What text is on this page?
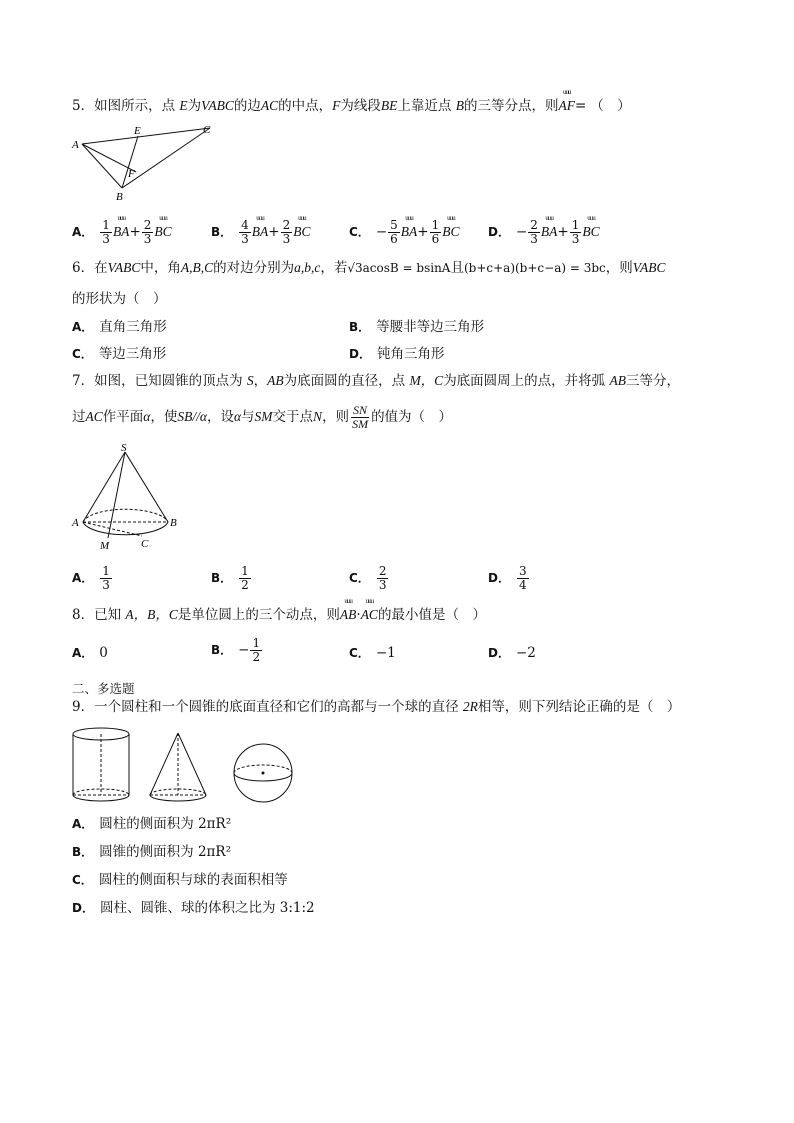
5．如图所示，点 E为VABC的边AC的中点，F为线段BE上靠近点 B的三等分点，则uuu AF= （　）
A
E	C
F
B
A． $\frac{1}{3}$ uuu $BA+ \frac{2}{3}$ uuu BC	B． $\frac{4}{3}$ uuu $BA+ \frac{2}{3}$ uuu BC	C． − $\frac{5}{6}$ uuu $BA+ \frac{1}{6}$ uuu BC D． − $\frac{2}{3}$ uuu $BA+ \frac{1}{3}$ uuu BC
6．在VABC中，角A,B,C的对边分别为a,b,c，若√3acosB = bsinA且(b+c+a)(b+c−a) = 3bc，则VABC
的形状为（　）
A． 直角三角形	B． 等腰非等边三角形
C． 等边三角形	D． 钝角三角形
7．如图，已知圆锥的顶点为 S，AB为底面圆的直径，点 M，C为底面圆周上的点，并将弧 AB三等分，
过 AC 作平面 α ，使 SB//α ，设 α 与 SM 交于点 N ，则 $\frac{SN}{SM}$ 的值为（　）
S
A	B
M	C
A． $\frac{1}{3}$	B． $\frac{1}{2}$	C． $\frac{2}{3}$	D． $\frac{3}{4}$
8．已知 A，B，C是单位圆上的三个动点，则uuu AB·uuu AC的最小值是（　）
A． 0	B． − $\frac{1}{2}$	C． −1	D． −2
二、多选题
9．一个圆柱和一个圆锥的底面直径和它们的高都与一个球的直径 2R相等，则下列结论正确的是（　）
A． 圆柱的侧面积为 2πR²
B． 圆锥的侧面积为 2πR²
C． 圆柱的侧面积与球的表面积相等
D． 圆柱、圆锥、球的体积之比为 3:1:2
